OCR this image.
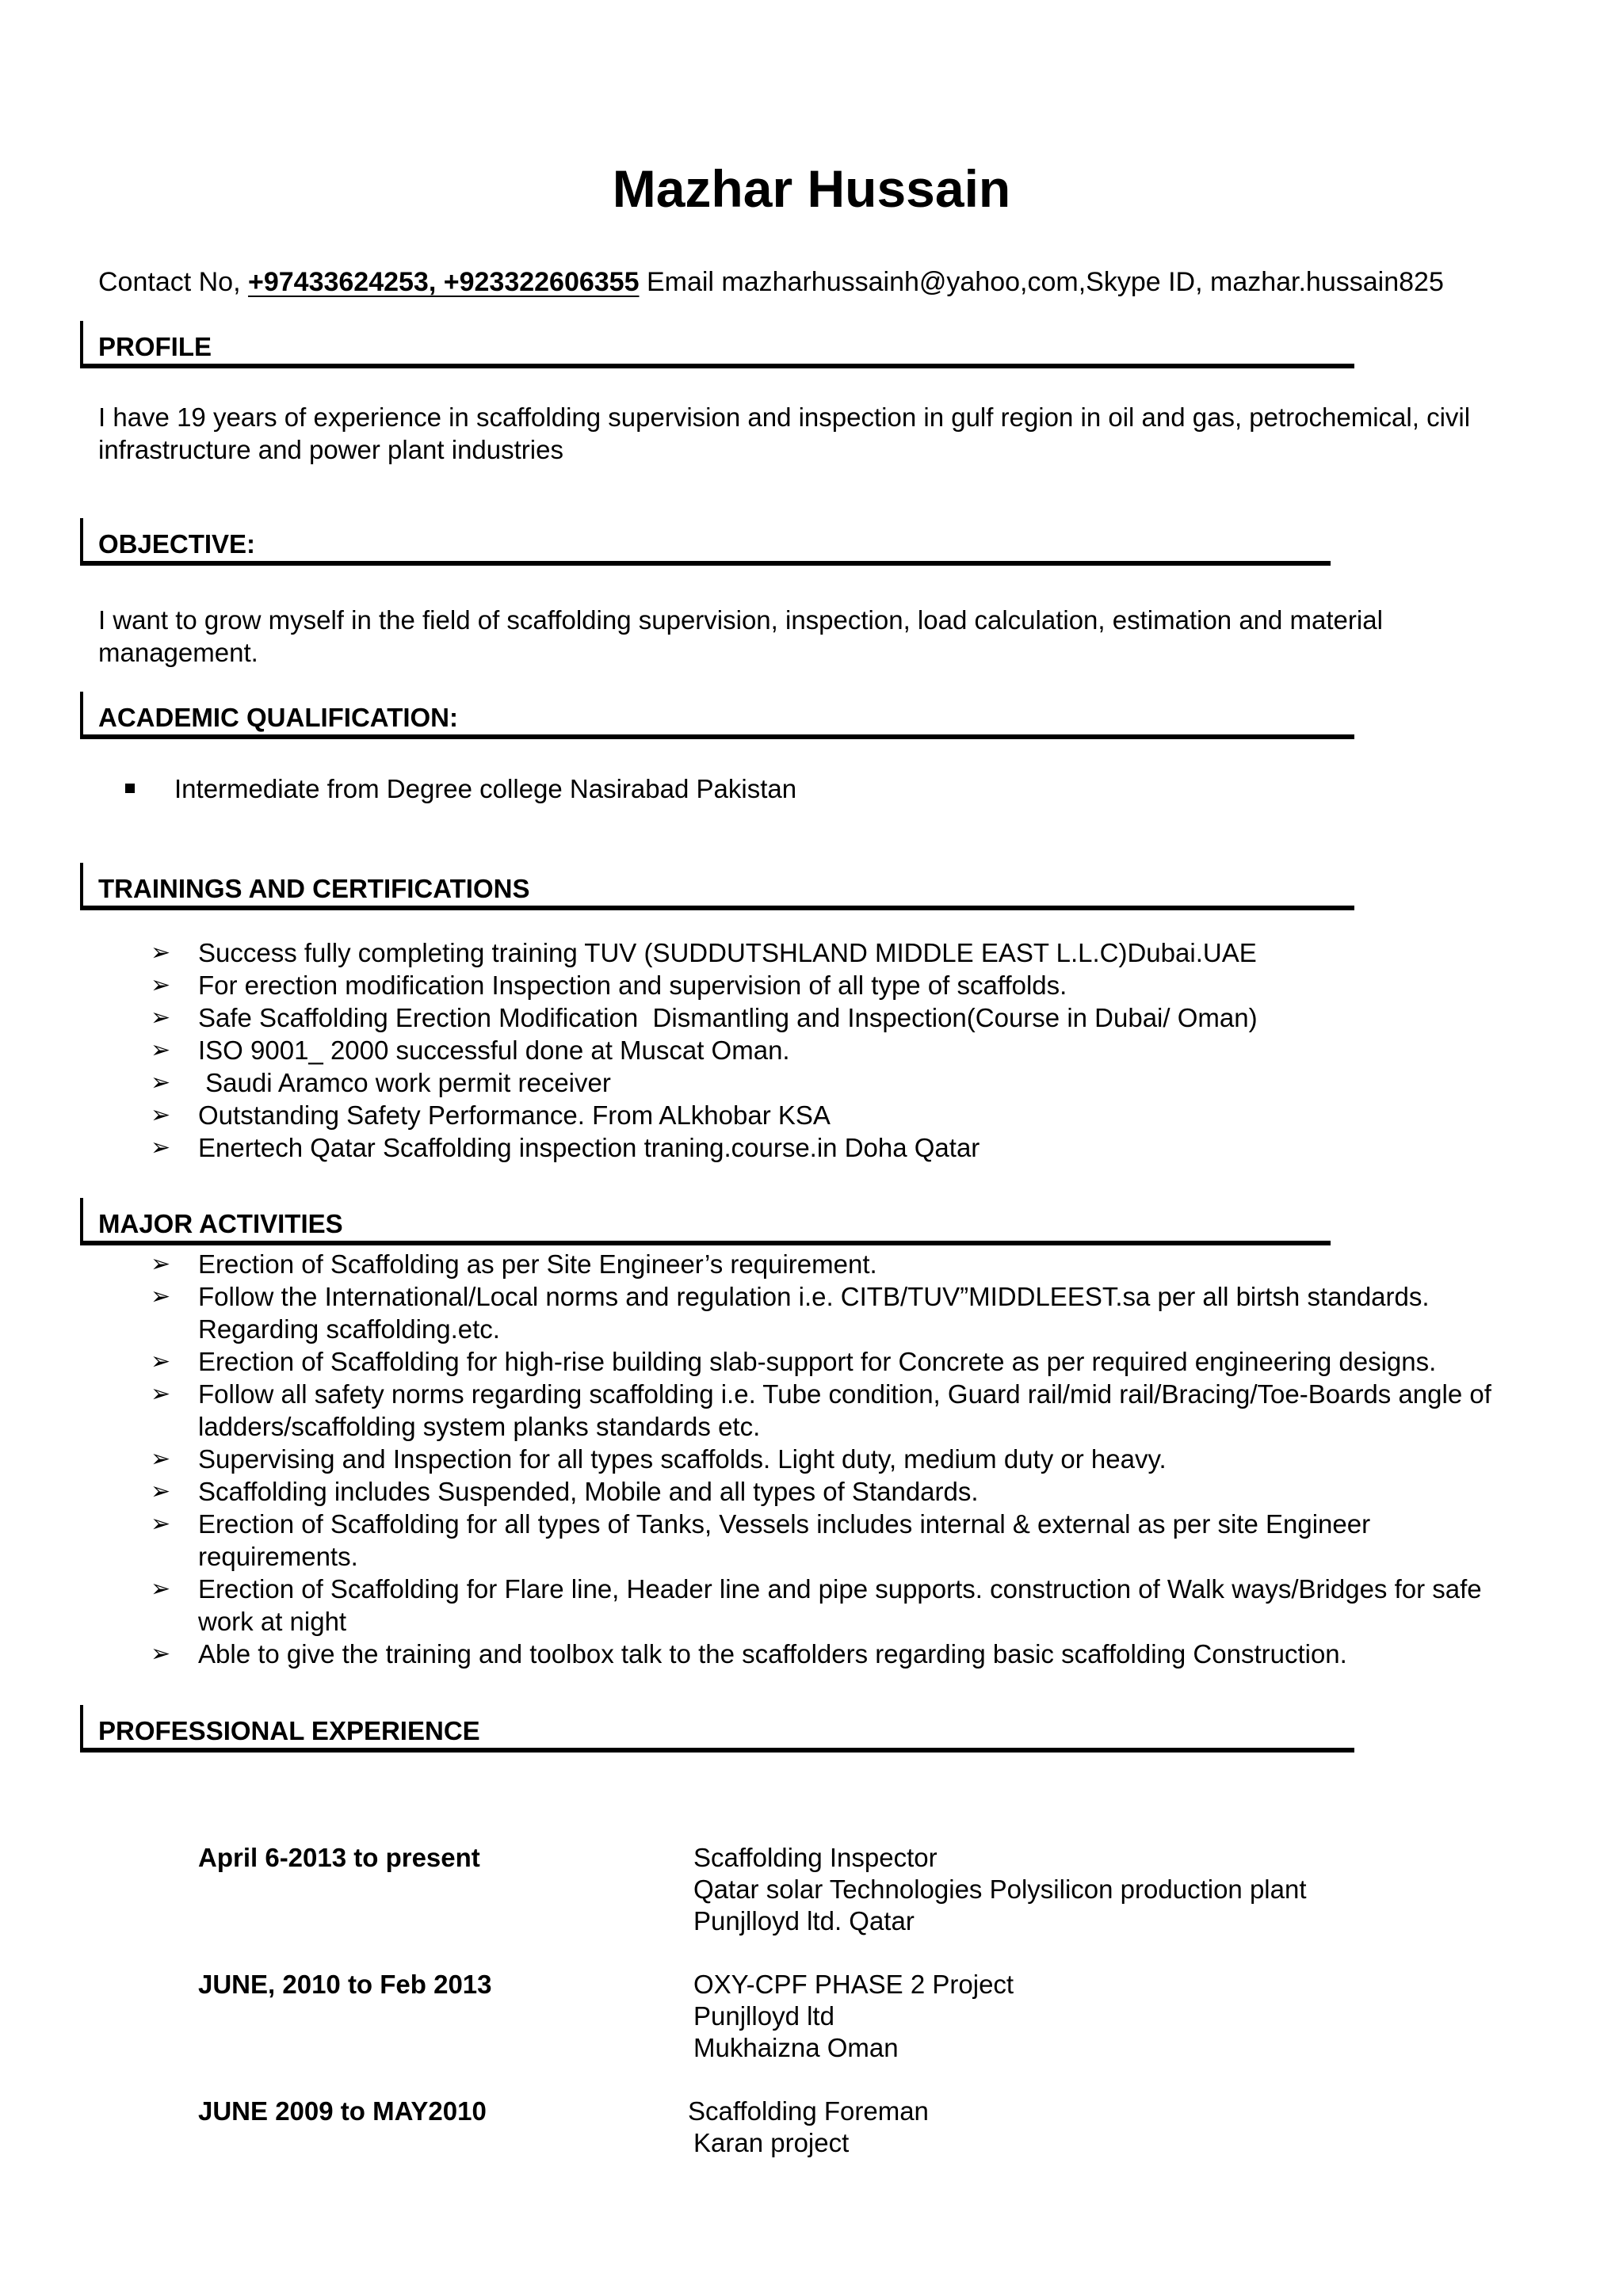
Mazhar Hussain
Contact No, +97433624253, +923322606355 Email mazharhussainh@yahoo,com,Skype ID, mazhar.hussain825
PROFILE

I have 19 years of experience in scaffolding supervision and inspection in gulf region in oil and gas, petrochemical, civil infrastructure and power plant industries

OBJECTIVE:

I want to grow myself in the field of scaffolding supervision, inspection, load calculation, estimation and material management.

ACADEMIC QUALIFICATION:
Intermediate from Degree college Nasirabad Pakistan
TRAININGS AND CERTIFICATIONS
➢ Success fully completing training TUV (SUDDUTSHLAND MIDDLE EAST L.L.C)Dubai.UAE
➢ For erection modification Inspection and supervision of all type of scaffolds.
➢ Safe Scaffolding Erection Modification  Dismantling and Inspection(Course in Dubai/ Oman)
➢ ISO 9001_ 2000 successful done at Muscat Oman.
➢ Saudi Aramco work permit receiver
➢ Outstanding Safety Performance. From ALkhobar KSA
➢ Enertech Qatar Scaffolding inspection traning.course.in Doha Qatar
MAJOR ACTIVITIES
➢ Erection of Scaffolding as per Site Engineer’s requirement.
➢ Follow the International/Local norms and regulation i.e. CITB/TUV”MIDDLEEST.sa per all birtsh standards. Regarding scaffolding.etc.
➢ Erection of Scaffolding for high-rise building slab-support for Concrete as per required engineering designs.
➢ Follow all safety norms regarding scaffolding i.e. Tube condition, Guard rail/mid rail/Bracing/Toe-Boards angle of ladders/scaffolding system planks standards etc.
➢ Supervising and Inspection for all types scaffolds. Light duty, medium duty or heavy.
➢ Scaffolding includes Suspended, Mobile and all types of Standards.
➢ Erection of Scaffolding for all types of Tanks, Vessels includes internal & external as per site Engineer requirements.
➢ Erection of Scaffolding for Flare line, Header line and pipe supports. construction of Walk ways/Bridges for safe work at night
➢ Able to give the training and toolbox talk to the scaffolders regarding basic scaffolding Construction.
PROFESSIONAL EXPERIENCE
April 6-2013 to present	Scaffolding Inspector
Qatar solar Technologies Polysilicon production plant
Punjlloyd ltd. Qatar
JUNE, 2010 to Feb 2013	OXY-CPF PHASE 2 Project
Punjlloyd ltd
Mukhaizna Oman
JUNE 2009 to MAY2010	Scaffolding Foreman
Karan project
